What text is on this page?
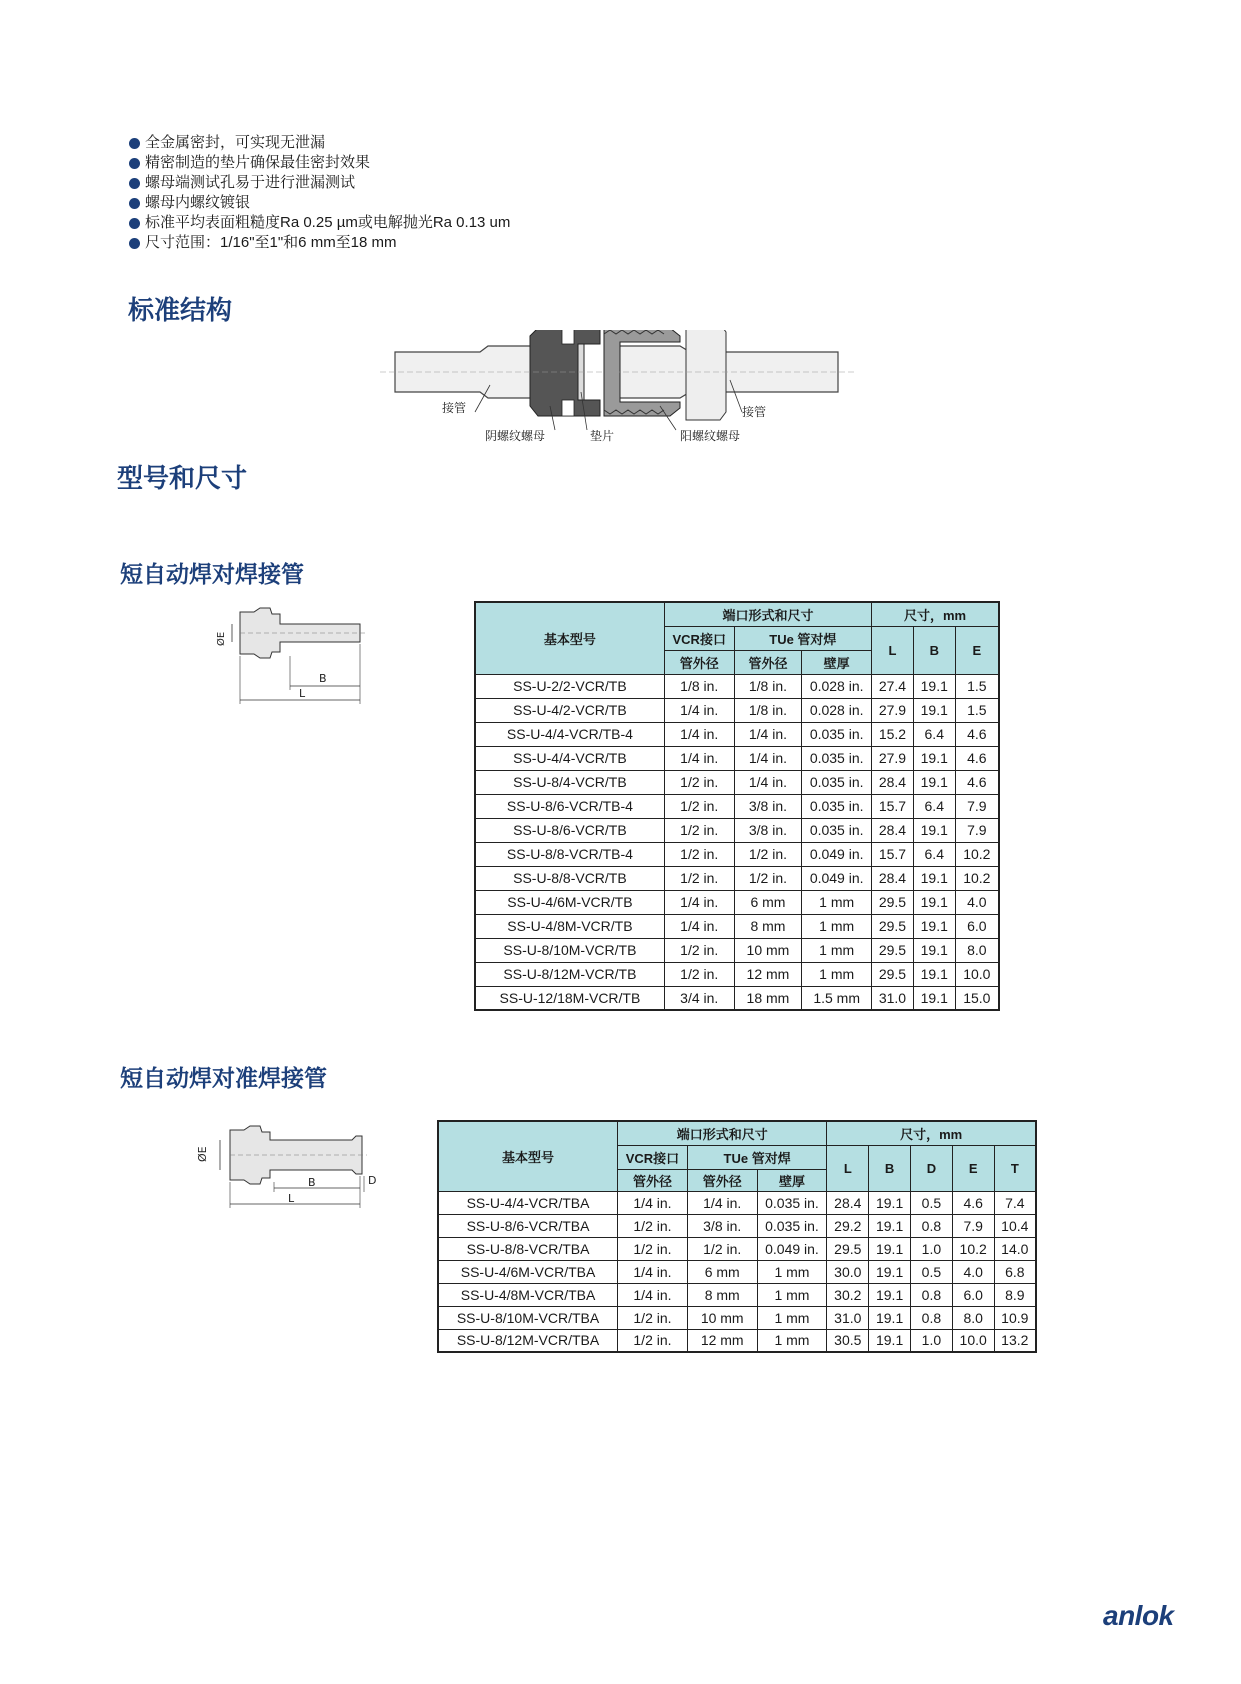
全金属密封，可实现无泄漏
精密制造的垫片确保最佳密封效果
螺母端测试孔易于进行泄漏测试
螺母内螺纹镀银
标准平均表面粗糙度Ra 0.25 µm或电解抛光Ra 0.13 um
尺寸范围：1/16"至1"和6 mm至18 mm
标准结构
接管	接管
阴螺纹螺母	垫片	阳螺纹螺母
型号和尺寸
短自动焊对焊接管
ØE
B
L
基本型号	端口形式和尺寸			尺寸，mm		
	VCR接口	TUe 管对焊		L	B	E
	管外径	管外径	壁厚			
SS-U-2/2-VCR/TB	1/8 in.	1/8 in.	0.028 in.	27.4	19.1	1.5
SS-U-4/2-VCR/TB	1/4 in.	1/8 in.	0.028 in.	27.9	19.1	1.5
SS-U-4/4-VCR/TB-4	1/4 in.	1/4 in.	0.035 in.	15.2	6.4	4.6
SS-U-4/4-VCR/TB	1/4 in.	1/4 in.	0.035 in.	27.9	19.1	4.6
SS-U-8/4-VCR/TB	1/2 in.	1/4 in.	0.035 in.	28.4	19.1	4.6
SS-U-8/6-VCR/TB-4	1/2 in.	3/8 in.	0.035 in.	15.7	6.4	7.9
SS-U-8/6-VCR/TB	1/2 in.	3/8 in.	0.035 in.	28.4	19.1	7.9
SS-U-8/8-VCR/TB-4	1/2 in.	1/2 in.	0.049 in.	15.7	6.4	10.2
SS-U-8/8-VCR/TB	1/2 in.	1/2 in.	0.049 in.	28.4	19.1	10.2
SS-U-4/6M-VCR/TB	1/4 in.	6 mm	1 mm	29.5	19.1	4.0
SS-U-4/8M-VCR/TB	1/4 in.	8 mm	1 mm	29.5	19.1	6.0
SS-U-8/10M-VCR/TB	1/2 in.	10 mm	1 mm	29.5	19.1	8.0
SS-U-8/12M-VCR/TB	1/2 in.	12 mm	1 mm	29.5	19.1	10.0
SS-U-12/18M-VCR/TB	3/4 in.	18 mm	1.5 mm	31.0	19.1	15.0
短自动焊对准焊接管
ØE
B
L
D
基本型号	端口形式和尺寸			尺寸，mm				
	VCR接口	TUe 管对焊		L	B	D	E	T
	管外径	管外径	壁厚					
SS-U-4/4-VCR/TBA	1/4 in.	1/4 in.	0.035 in.	28.4	19.1	0.5	4.6	7.4
SS-U-8/6-VCR/TBA	1/2 in.	3/8 in.	0.035 in.	29.2	19.1	0.8	7.9	10.4
SS-U-8/8-VCR/TBA	1/2 in.	1/2 in.	0.049 in.	29.5	19.1	1.0	10.2	14.0
SS-U-4/6M-VCR/TBA	1/4 in.	6 mm	1 mm	30.0	19.1	0.5	4.0	6.8
SS-U-4/8M-VCR/TBA	1/4 in.	8 mm	1 mm	30.2	19.1	0.8	6.0	8.9
SS-U-8/10M-VCR/TBA	1/2 in.	10 mm	1 mm	31.0	19.1	0.8	8.0	10.9
SS-U-8/12M-VCR/TBA	1/2 in.	12 mm	1 mm	30.5	19.1	1.0	10.0	13.2
anlok
